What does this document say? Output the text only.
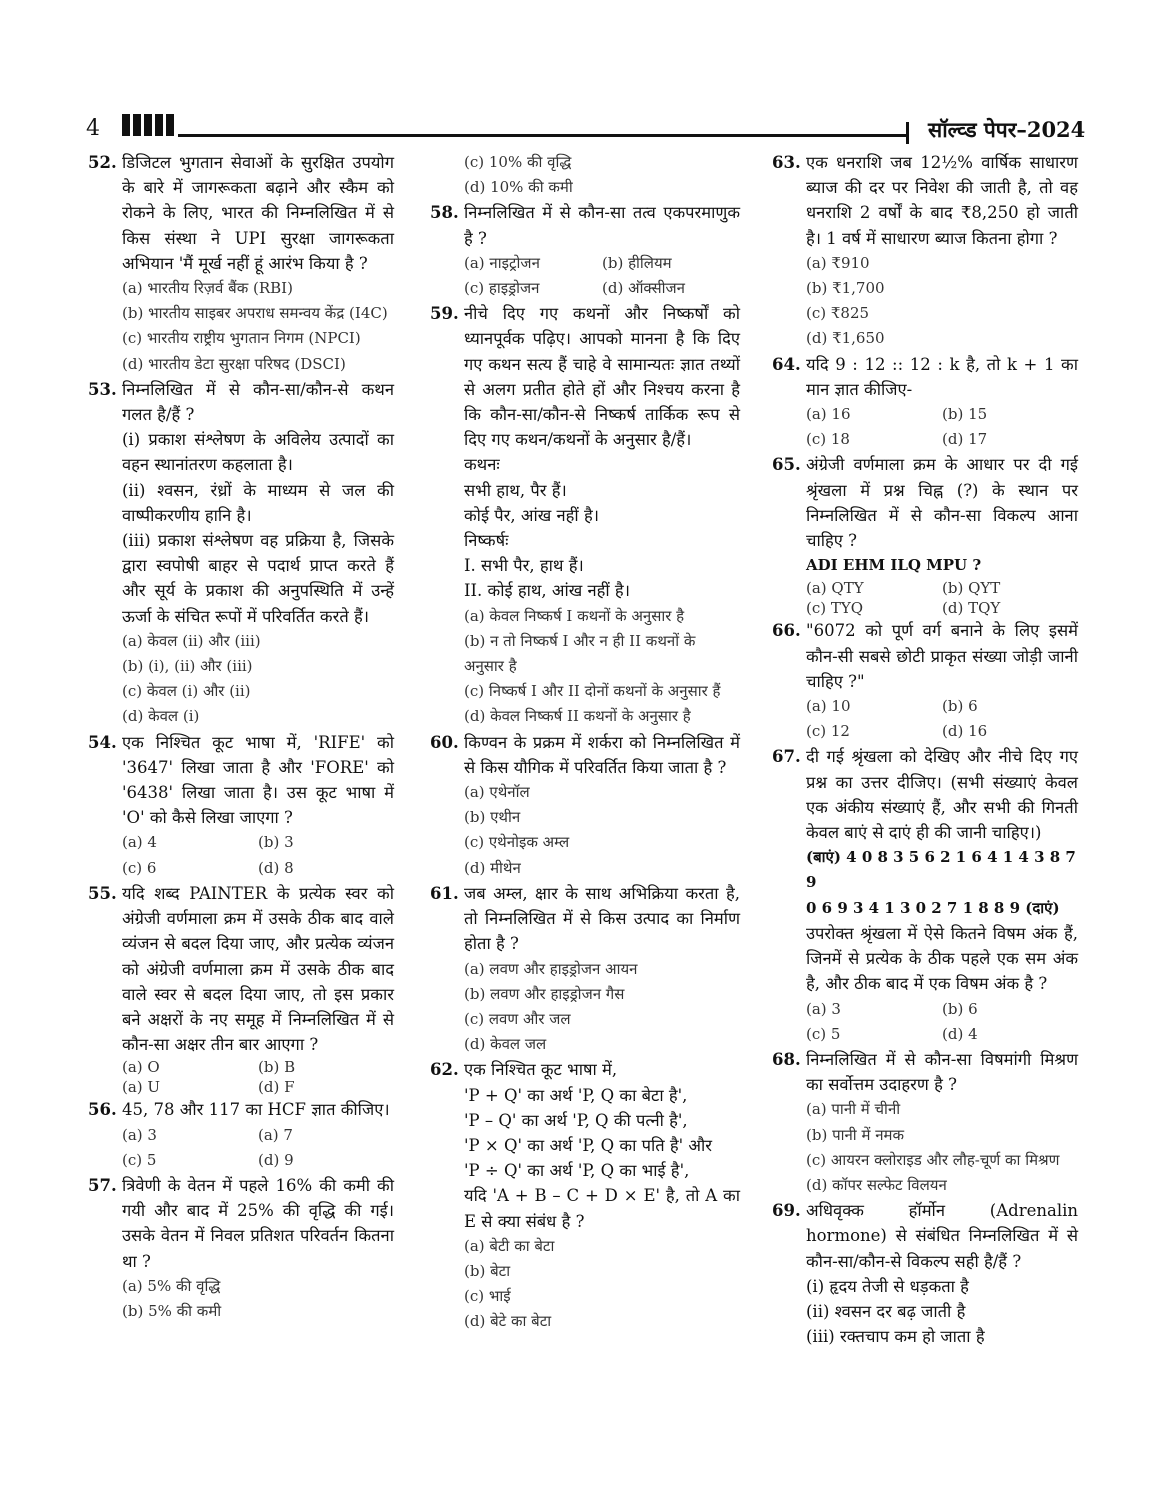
4	सॉल्व्ड पेपर–2024
52. डिजिटल भुगतान सेवाओं के सुरक्षित उपयोग के बारे में जागरूकता बढ़ाने और स्कैम को रोकने के लिए, भारत की निम्नलिखित में से किस संस्था ने UPI सुरक्षा जागरूकता अभियान 'मैं मूर्ख नहीं हूं आरंभ किया है ?
(a) भारतीय रिज़र्व बैंक (RBI)
(b) भारतीय साइबर अपराध समन्वय केंद्र (I4C)
(c) भारतीय राष्ट्रीय भुगतान निगम (NPCI)
(d) भारतीय डेटा सुरक्षा परिषद (DSCI)
53. निम्नलिखित में से कौन-सा/कौन-से कथन गलत है/हैं ?
(i) प्रकाश संश्लेषण के अविलेय उत्पादों का वहन स्थानांतरण कहलाता है।
(ii) श्वसन, रंध्रों के माध्यम से जल की वाष्पीकरणीय हानि है।
(iii) प्रकाश संश्लेषण वह प्रक्रिया है, जिसके द्वारा स्वपोषी बाहर से पदार्थ प्राप्त करते हैं और सूर्य के प्रकाश की अनुपस्थिति में उन्हें ऊर्जा के संचित रूपों में परिवर्तित करते हैं।
(a) केवल (ii) और (iii)
(b) (i), (ii) और (iii)
(c) केवल (i) और (ii)
(d) केवल (i)
54. एक निश्चित कूट भाषा में, 'RIFE' को '3647' लिखा जाता है और 'FORE' को '6438' लिखा जाता है। उस कूट भाषा में 'O' को कैसे लिखा जाएगा ?
(a) 4	(b) 3
(c) 6	(d) 8
55. यदि शब्द PAINTER के प्रत्येक स्वर को अंग्रेजी वर्णमाला क्रम में उसके ठीक बाद वाले व्यंजन से बदल दिया जाए, और प्रत्येक व्यंजन को अंग्रेजी वर्णमाला क्रम में उसके ठीक बाद वाले स्वर से बदल दिया जाए, तो इस प्रकार बने अक्षरों के नए समूह में निम्नलिखित में से कौन-सा अक्षर तीन बार आएगा ?
(a) O	(b) B
(a) U	(d) F
56. 45, 78 और 117 का HCF ज्ञात कीजिए।
(a) 3	(a) 7
(c) 5	(d) 9
57. त्रिवेणी के वेतन में पहले 16% की कमी की गयी और बाद में 25% की वृद्धि की गई। उसके वेतन में निवल प्रतिशत परिवर्तन कितना था ?
(a) 5% की वृद्धि
(b) 5% की कमी
(c) 10% की वृद्धि
(d) 10% की कमी
58. निम्नलिखित में से कौन-सा तत्व एकपरमाणुक है ?
(a) नाइट्रोजन	(b) हीलियम
(c) हाइड्रोजन	(d) ऑक्सीजन
59. नीचे दिए गए कथनों और निष्कर्षों को ध्यानपूर्वक पढ़िए। आपको मानना है कि दिए गए कथन सत्य हैं चाहे वे सामान्यतः ज्ञात तथ्यों से अलग प्रतीत होते हों और निश्चय करना है कि कौन-सा/कौन-से निष्कर्ष तार्किक रूप से दिए गए कथन/कथनों के अनुसार है/हैं।
कथनः
सभी हाथ, पैर हैं।
कोई पैर, आंख नहीं है।
निष्कर्षः
I. सभी पैर, हाथ हैं।
II. कोई हाथ, आंख नहीं है।
(a) केवल निष्कर्ष I कथनों के अनुसार है
(b) न तो निष्कर्ष I और न ही II कथनों के अनुसार है
(c) निष्कर्ष I और II दोनों कथनों के अनुसार हैं
(d) केवल निष्कर्ष II कथनों के अनुसार है
60. किण्वन के प्रक्रम में शर्करा को निम्नलिखित में से किस यौगिक में परिवर्तित किया जाता है ?
(a) एथेनॉल
(b) एथीन
(c) एथेनोइक अम्ल
(d) मीथेन
61. जब अम्ल, क्षार के साथ अभिक्रिया करता है, तो निम्नलिखित में से किस उत्पाद का निर्माण होता है ?
(a) लवण और हाइड्रोजन आयन
(b) लवण और हाइड्रोजन गैस
(c) लवण और जल
(d) केवल जल
62. एक निश्चित कूट भाषा में,
'P + Q' का अर्थ 'P, Q का बेटा है',
'P – Q' का अर्थ 'P, Q की पत्नी है',
'P × Q' का अर्थ 'P, Q का पति है' और
'P ÷ Q' का अर्थ 'P, Q का भाई है',
यदि 'A + B – C + D × E' है, तो A का E से क्या संबंध है ?
(a) बेटी का बेटा
(b) बेटा
(c) भाई
(d) बेटे का बेटा
63. एक धनराशि जब 12½% वार्षिक साधारण ब्याज की दर पर निवेश की जाती है, तो वह धनराशि 2 वर्षों के बाद ₹8,250 हो जाती है। 1 वर्ष में साधारण ब्याज कितना होगा ?
(a) ₹910
(b) ₹1,700
(c) ₹825
(d) ₹1,650
64. यदि 9 : 12 :: 12 : k है, तो k + 1 का मान ज्ञात कीजिए-
(a) 16	(b) 15
(c) 18	(d) 17
65. अंग्रेजी वर्णमाला क्रम के आधार पर दी गई श्रृंखला में प्रश्न चिह्न (?) के स्थान पर निम्नलिखित में से कौन-सा विकल्प आना चाहिए ?
ADI EHM ILQ MPU ?
(a) QTY	(b) QYT
(c) TYQ	(d) TQY
66. "6072 को पूर्ण वर्ग बनाने के लिए इसमें कौन-सी सबसे छोटी प्राकृत संख्या जोड़ी जानी चाहिए ?"
(a) 10	(b) 6
(c) 12	(d) 16
67. दी गई श्रृंखला को देखिए और नीचे दिए गए प्रश्न का उत्तर दीजिए। (सभी संख्याएं केवल एक अंकीय संख्याएं हैं, और सभी की गिनती केवल बाएं से दाएं ही की जानी चाहिए।)
(बाएं) 4 0 8 3 5 6 2 1 6 4 1 4 3 8 7 9
0 6 9 3 4 1 3 0 2 7 1 8 8 9 (दाएं)
उपरोक्त श्रृंखला में ऐसे कितने विषम अंक हैं, जिनमें से प्रत्येक के ठीक पहले एक सम अंक है, और ठीक बाद में एक विषम अंक है ?
(a) 3	(b) 6
(c) 5	(d) 4
68. निम्नलिखित में से कौन-सा विषमांगी मिश्रण का सर्वोत्तम उदाहरण है ?
(a) पानी में चीनी
(b) पानी में नमक
(c) आयरन क्लोराइड और लौह-चूर्ण का मिश्रण
(d) कॉपर सल्फेट विलयन
69. अधिवृक्क हॉर्मोन (Adrenalin hormone) से संबंधित निम्नलिखित में से कौन-सा/कौन-से विकल्प सही है/हैं ?
(i) हृदय तेजी से धड़कता है
(ii) श्वसन दर बढ़ जाती है
(iii) रक्तचाप कम हो जाता है
